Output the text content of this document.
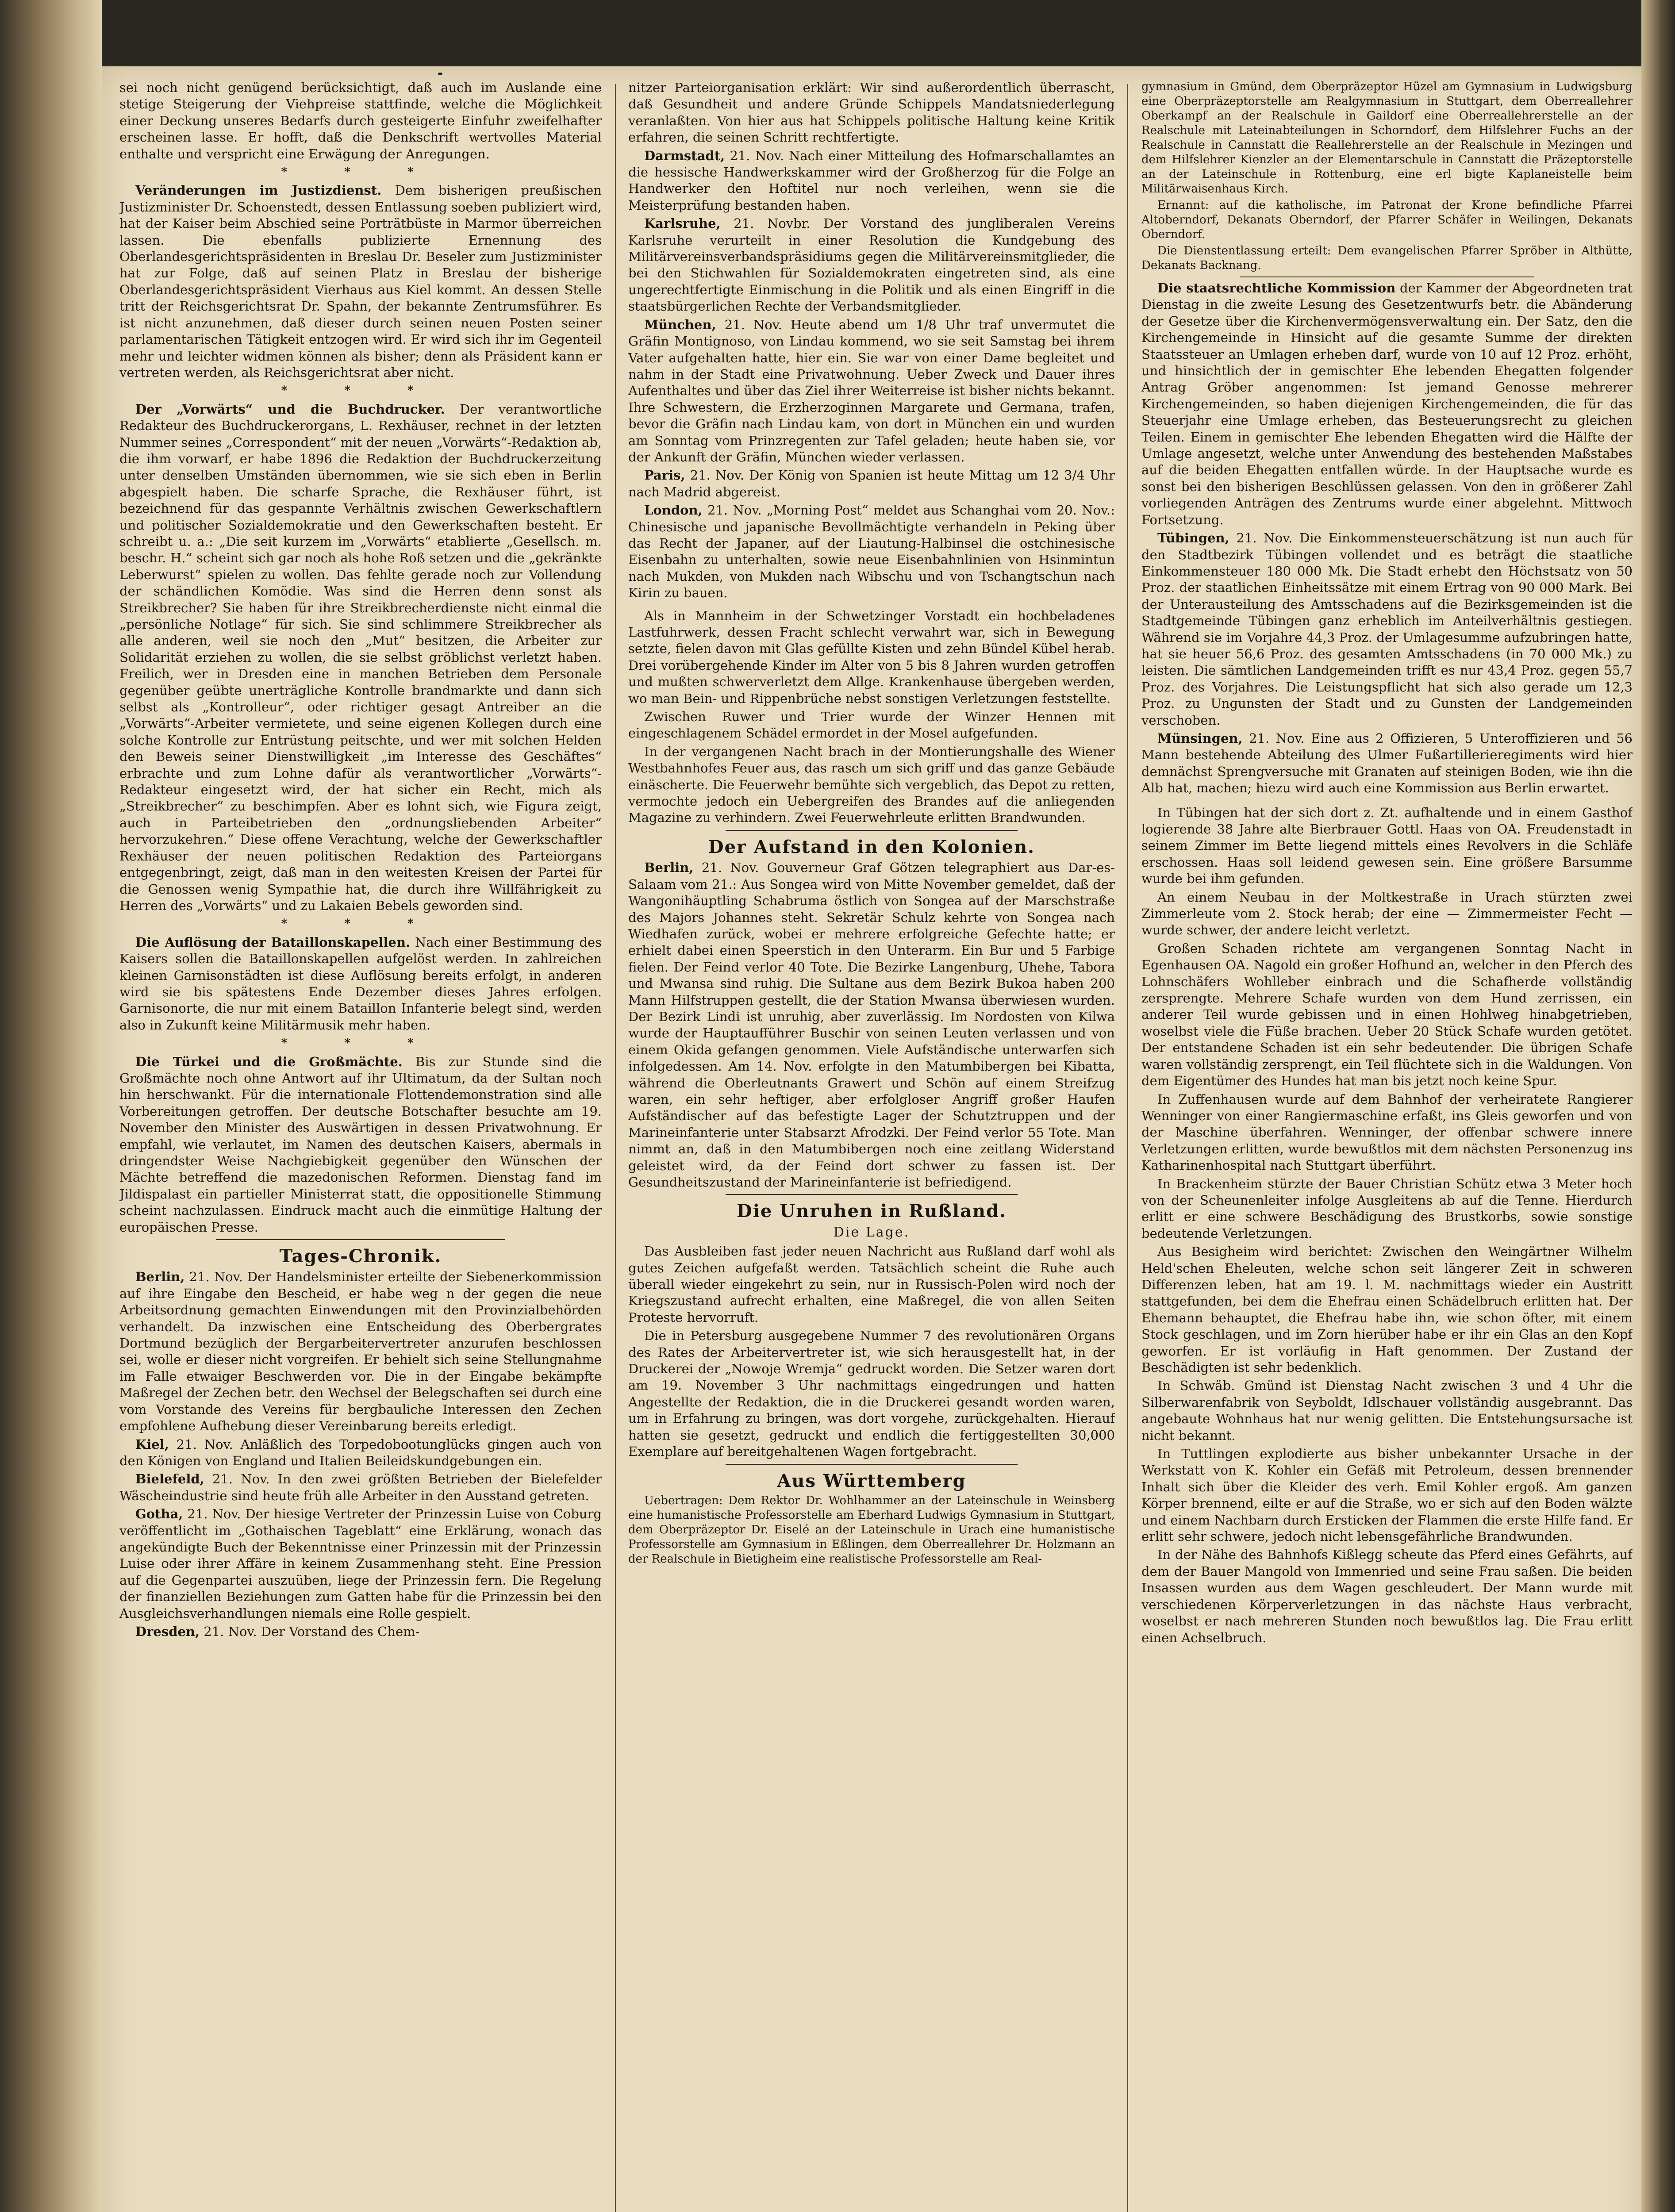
sei noch nicht genügend berücksichtigt, daß auch im Auslande eine stetige Steigerung der Viehpreise stattfinde, welche die Möglichkeit einer Deckung unseres Bedarfs durch gesteigerte Einfuhr zweifelhafter erscheinen lasse. Er hofft, daß die Denkschrift wertvolles Material enthalte und verspricht eine Erwägung der Anregungen.

* * *

Veränderungen im Justizdienst. Dem bisherigen preußischen Justizminister Dr. Schoenstedt, dessen Entlassung soeben publiziert wird, hat der Kaiser beim Abschied seine Porträtbüste in Marmor überreichen lassen. Die ebenfalls publizierte Ernennung des Oberlandesgerichtspräsidenten in Breslau Dr. Beseler zum Justizminister hat zur Folge, daß auf seinen Platz in Breslau der bisherige Oberlandesgerichtspräsident Vierhaus aus Kiel kommt. An dessen Stelle tritt der Reichsgerichtsrat Dr. Spahn, der bekannte Zentrumsführer. Es ist nicht anzunehmen, daß dieser durch seinen neuen Posten seiner parlamentarischen Tätigkeit entzogen wird. Er wird sich ihr im Gegenteil mehr und leichter widmen können als bisher; denn als Präsident kann er vertreten werden, als Reichsgerichtsrat aber nicht.

* * *

Der „Vorwärts“ und die Buchdrucker. Der verantwortliche Redakteur des Buchdruckerorgans, L. Rexhäuser, rechnet in der letzten Nummer seines „Correspondent“ mit der neuen „Vorwärts“-Redaktion ab, die ihm vorwarf, er habe 1896 die Redaktion der Buchdruckerzeitung unter denselben Umständen übernommen, wie sie sich eben in Berlin abgespielt haben. Die scharfe Sprache, die Rexhäuser führt, ist bezeichnend für das gespannte Verhältnis zwischen Gewerkschaftlern und politischer Sozialdemokratie und den Gewerkschaften besteht. Er schreibt u. a.: „Die seit kurzem im „Vorwärts“ etablierte „Gesellsch. m. beschr. H.“ scheint sich gar noch als hohe Roß setzen und die „gekränkte Leberwurst“ spielen zu wollen. Das fehlte gerade noch zur Vollendung der schändlichen Komödie. Was sind die Herren denn sonst als Streikbrecher? Sie haben für ihre Streikbrecherdienste nicht einmal die „persönliche Notlage“ für sich. Sie sind schlimmere Streikbrecher als alle anderen, weil sie noch den „Mut“ besitzen, die Arbeiter zur Solidarität erziehen zu wollen, die sie selbst gröblichst verletzt haben. Freilich, wer in Dresden eine in manchen Betrieben dem Personale gegenüber geübte unerträgliche Kontrolle brandmarkte und dann sich selbst als „Kontrolleur“, oder richtiger gesagt Antreiber an die „Vorwärts“-Arbeiter vermietete, und seine eigenen Kollegen durch eine solche Kontrolle zur Entrüstung peitschte, und wer mit solchen Helden den Beweis seiner Dienstwilligkeit „im Interesse des Geschäftes“ erbrachte und zum Lohne dafür als verantwortlicher „Vorwärts“-Redakteur eingesetzt wird, der hat sicher ein Recht, mich als „Streikbrecher“ zu beschimpfen. Aber es lohnt sich, wie Figura zeigt, auch in Parteibetrieben den „ordnungsliebenden Arbeiter“ hervorzukehren.“ Diese offene Verachtung, welche der Gewerkschaftler Rexhäuser der neuen politischen Redaktion des Parteiorgans entgegenbringt, zeigt, daß man in den weitesten Kreisen der Partei für die Genossen wenig Sympathie hat, die durch ihre Willfährigkeit zu Herren des „Vorwärts“ und zu Lakaien Bebels geworden sind.

* * *

Die Auflösung der Bataillonskapellen. Nach einer Bestimmung des Kaisers sollen die Bataillonskapellen aufgelöst werden. In zahlreichen kleinen Garnisonstädten ist diese Auflösung bereits erfolgt, in anderen wird sie bis spätestens Ende Dezember dieses Jahres erfolgen. Garnisonorte, die nur mit einem Bataillon Infanterie belegt sind, werden also in Zukunft keine Militärmusik mehr haben.

* * *

Die Türkei und die Großmächte. Bis zur Stunde sind die Großmächte noch ohne Antwort auf ihr Ultimatum, da der Sultan noch hin herschwankt. Für die internationale Flottendemonstration sind alle Vorbereitungen getroffen. Der deutsche Botschafter besuchte am 19. November den Minister des Auswärtigen in dessen Privatwohnung. Er empfahl, wie verlautet, im Namen des deutschen Kaisers, abermals in dringendster Weise Nachgiebigkeit gegenüber den Wünschen der Mächte betreffend die mazedonischen Reformen. Dienstag fand im Jildispalast ein partieller Ministerrat statt, die oppositionelle Stimmung scheint nachzulassen. Eindruck macht auch die einmütige Haltung der europäischen Presse.

Tages-Chronik.

Berlin, 21. Nov. Der Handelsminister erteilte der Siebenerkommission auf ihre Eingabe den Bescheid, er habe weg n der gegen die neue Arbeitsordnung gemachten Einwendungen mit den Provinzialbehörden verhandelt. Da inzwischen eine Entscheidung des Oberbergrates Dortmund bezüglich der Bergarbeitervertreter anzurufen beschlossen sei, wolle er dieser nicht vorgreifen. Er behielt sich seine Stellungnahme im Falle etwaiger Beschwerden vor. Die in der Eingabe bekämpfte Maßregel der Zechen betr. den Wechsel der Belegschaften sei durch eine vom Vorstande des Vereins für bergbauliche Interessen den Zechen empfohlene Aufhebung dieser Vereinbarung bereits erledigt.

Kiel, 21. Nov. Anläßlich des Torpedobootunglücks gingen auch von den Königen von England und Italien Beileidskundgebungen ein.

Bielefeld, 21. Nov. In den zwei größten Betrieben der Bielefelder Wäscheindustrie sind heute früh alle Arbeiter in den Ausstand getreten.

Gotha, 21. Nov. Der hiesige Vertreter der Prinzessin Luise von Coburg veröffentlicht im „Gothaischen Tageblatt“ eine Erklärung, wonach das angekündigte Buch der Bekenntnisse einer Prinzessin mit der Prinzessin Luise oder ihrer Affäre in keinem Zusammenhang steht. Eine Pression auf die Gegenpartei auszuüben, liege der Prinzessin fern. Die Regelung der finanziellen Beziehungen zum Gatten habe für die Prinzessin bei den Ausgleichsverhandlungen niemals eine Rolle gespielt.

Dresden, 21. Nov. Der Vorstand des Chem-

nitzer Parteiorganisation erklärt: Wir sind außerordentlich überrascht, daß Gesundheit und andere Gründe Schippels Mandatsniederlegung veranlaßten. Von hier aus hat Schippels politische Haltung keine Kritik erfahren, die seinen Schritt rechtfertigte.

Darmstadt, 21. Nov. Nach einer Mitteilung des Hofmarschallamtes an die hessische Handwerkskammer wird der Großherzog für die Folge an Handwerker den Hoftitel nur noch verleihen, wenn sie die Meisterprüfung bestanden haben.

Karlsruhe, 21. Novbr. Der Vorstand des jungliberalen Vereins Karlsruhe verurteilt in einer Resolution die Kundgebung des Militärvereinsverbandspräsidiums gegen die Militärvereinsmitglieder, die bei den Stichwahlen für Sozialdemokraten eingetreten sind, als eine ungerechtfertigte Einmischung in die Politik und als einen Eingriff in die staatsbürgerlichen Rechte der Verbandsmitglieder.

München, 21. Nov. Heute abend um 1/8 Uhr traf unvermutet die Gräfin Montignoso, von Lindau kommend, wo sie seit Samstag bei ihrem Vater aufgehalten hatte, hier ein. Sie war von einer Dame begleitet und nahm in der Stadt eine Privatwohnung. Ueber Zweck und Dauer ihres Aufenthaltes und über das Ziel ihrer Weiterreise ist bisher nichts bekannt. Ihre Schwestern, die Erzherzoginnen Margarete und Germana, trafen, bevor die Gräfin nach Lindau kam, von dort in München ein und wurden am Sonntag vom Prinzregenten zur Tafel geladen; heute haben sie, vor der Ankunft der Gräfin, München wieder verlassen.

Paris, 21. Nov. Der König von Spanien ist heute Mittag um 12 3/4 Uhr nach Madrid abgereist.

London, 21. Nov. „Morning Post“ meldet aus Schanghai vom 20. Nov.: Chinesische und japanische Bevollmächtigte verhandeln in Peking über das Recht der Japaner, auf der Liautung-Halbinsel die ostchinesische Eisenbahn zu unterhalten, sowie neue Eisenbahnlinien von Hsinmintun nach Mukden, von Mukden nach Wibschu und von Tschangtschun nach Kirin zu bauen.

Als in Mannheim in der Schwetzinger Vorstadt ein hochbeladenes Lastfuhrwerk, dessen Fracht schlecht verwahrt war, sich in Bewegung setzte, fielen davon mit Glas gefüllte Kisten und zehn Bündel Kübel herab. Drei vorübergehende Kinder im Alter von 5 bis 8 Jahren wurden getroffen und mußten schwerverletzt dem Allge. Krankenhause übergeben werden, wo man Bein- und Rippenbrüche nebst sonstigen Verletzungen feststellte.

Zwischen Ruwer und Trier wurde der Winzer Hennen mit eingeschlagenem Schädel ermordet in der Mosel aufgefunden.

In der vergangenen Nacht brach in der Montierungshalle des Wiener Westbahnhofes Feuer aus, das rasch um sich griff und das ganze Gebäude einäscherte. Die Feuerwehr bemühte sich vergeblich, das Depot zu retten, vermochte jedoch ein Uebergreifen des Brandes auf die anliegenden Magazine zu verhindern. Zwei Feuerwehrleute erlitten Brandwunden.

Der Aufstand in den Kolonien.

Berlin, 21. Nov. Gouverneur Graf Götzen telegraphiert aus Dar-es-Salaam vom 21.: Aus Songea wird von Mitte November gemeldet, daß der Wangonihäuptling Schabruma östlich von Songea auf der Marschstraße des Majors Johannes steht. Sekretär Schulz kehrte von Songea nach Wiedhafen zurück, wobei er mehrere erfolgreiche Gefechte hatte; er erhielt dabei einen Speerstich in den Unterarm. Ein Bur und 5 Farbige fielen. Der Feind verlor 40 Tote. Die Bezirke Langenburg, Uhehe, Tabora und Mwansa sind ruhig. Die Sultane aus dem Bezirk Bukoa haben 200 Mann Hilfstruppen gestellt, die der Station Mwansa überwiesen wurden. Der Bezirk Lindi ist unruhig, aber zuverlässig. Im Nordosten von Kilwa wurde der Hauptaufführer Buschir von seinen Leuten verlassen und von einem Okida gefangen genommen. Viele Aufständische unterwarfen sich infolgedessen. Am 14. Nov. erfolgte in den Matumbibergen bei Kibatta, während die Oberleutnants Grawert und Schön auf einem Streifzug waren, ein sehr heftiger, aber erfolgloser Angriff großer Haufen Aufständischer auf das befestigte Lager der Schutztruppen und der Marineinfanterie unter Stabsarzt Afrodzki. Der Feind verlor 55 Tote. Man nimmt an, daß in den Matumbibergen noch eine zeitlang Widerstand geleistet wird, da der Feind dort schwer zu fassen ist. Der Gesundheitszustand der Marineinfanterie ist befriedigend.

Die Unruhen in Rußland.
Die Lage.

Das Ausbleiben fast jeder neuen Nachricht aus Rußland darf wohl als gutes Zeichen aufgefaßt werden. Tatsächlich scheint die Ruhe auch überall wieder eingekehrt zu sein, nur in Russisch-Polen wird noch der Kriegszustand aufrecht erhalten, eine Maßregel, die von allen Seiten Proteste hervorruft.

Die in Petersburg ausgegebene Nummer 7 des revolutionären Organs des Rates der Arbeitervertreter ist, wie sich herausgestellt hat, in der Druckerei der „Nowoje Wremja“ gedruckt worden. Die Setzer waren dort am 19. November 3 Uhr nachmittags eingedrungen und hatten Angestellte der Redaktion, die in die Druckerei gesandt worden waren, um in Erfahrung zu bringen, was dort vorgehe, zurückgehalten. Hierauf hatten sie gesetzt, gedruckt und endlich die fertiggestellten 30,000 Exemplare auf bereitgehaltenen Wagen fortgebracht.

Aus Württemberg

Uebertragen: Dem Rektor Dr. Wohlhammer an der Lateinschule in Weinsberg eine humanistische Professorstelle am Eberhard Ludwigs Gymnasium in Stuttgart, dem Oberpräzeptor Dr. Eiselé an der Lateinschule in Urach eine humanistische Professorstelle am Gymnasium in Eßlingen, dem Oberreallehrer Dr. Holzmann an der Realschule in Bietigheim eine realistische Professorstelle am Real-

gymnasium in Gmünd, dem Oberpräzeptor Hüzel am Gymnasium in Ludwigsburg eine Oberpräzeptorstelle am Realgymnasium in Stuttgart, dem Oberreallehrer Oberkampf an der Realschule in Gaildorf eine Oberreallehrerstelle an der Realschule mit Lateinabteilungen in Schorndorf, dem Hilfslehrer Fuchs an der Realschule in Cannstatt die Reallehrerstelle an der Realschule in Mezingen und dem Hilfslehrer Kienzler an der Elementarschule in Cannstatt die Präzeptorstelle an der Lateinschule in Rottenburg, eine erl bigte Kaplaneistelle beim Militärwaisenhaus Kirch.

Ernannt: auf die katholische, im Patronat der Krone befindliche Pfarrei Altoberndorf, Dekanats Oberndorf, der Pfarrer Schäfer in Weilingen, Dekanats Oberndorf.

Die Dienstentlassung erteilt: Dem evangelischen Pfarrer Spröber in Althütte, Dekanats Backnang.

Die staatsrechtliche Kommission der Kammer der Abgeordneten trat Dienstag in die zweite Lesung des Gesetzentwurfs betr. die Abänderung der Gesetze über die Kirchenvermögensverwaltung ein. Der Satz, den die Kirchengemeinde in Hinsicht auf die gesamte Summe der direkten Staatssteuer an Umlagen erheben darf, wurde von 10 auf 12 Proz. erhöht, und hinsichtlich der in gemischter Ehe lebenden Ehegatten folgender Antrag Gröber angenommen: Ist jemand Genosse mehrerer Kirchengemeinden, so haben diejenigen Kirchengemeinden, die für das Steuerjahr eine Umlage erheben, das Besteuerungsrecht zu gleichen Teilen. Einem in gemischter Ehe lebenden Ehegatten wird die Hälfte der Umlage angesetzt, welche unter Anwendung des bestehenden Maßstabes auf die beiden Ehegatten entfallen würde. In der Hauptsache wurde es sonst bei den bisherigen Beschlüssen gelassen. Von den in größerer Zahl vorliegenden Anträgen des Zentrums wurde einer abgelehnt. Mittwoch Fortsetzung.

Tübingen, 21. Nov. Die Einkommensteuerschätzung ist nun auch für den Stadtbezirk Tübingen vollendet und es beträgt die staatliche Einkommensteuer 180 000 Mk. Die Stadt erhebt den Höchstsatz von 50 Proz. der staatlichen Einheitssätze mit einem Ertrag von 90 000 Mark. Bei der Unterausteilung des Amtsschadens auf die Bezirksgemeinden ist die Stadtgemeinde Tübingen ganz erheblich im Anteilverhältnis gestiegen. Während sie im Vorjahre 44,3 Proz. der Umlagesumme aufzubringen hatte, hat sie heuer 56,6 Proz. des gesamten Amtsschadens (in 70 000 Mk.) zu leisten. Die sämtlichen Landgemeinden trifft es nur 43,4 Proz. gegen 55,7 Proz. des Vorjahres. Die Leistungspflicht hat sich also gerade um 12,3 Proz. zu Ungunsten der Stadt und zu Gunsten der Landgemeinden verschoben.

Münsingen, 21. Nov. Eine aus 2 Offizieren, 5 Unteroffizieren und 56 Mann bestehende Abteilung des Ulmer Fußartillerieregiments wird hier demnächst Sprengversuche mit Granaten auf steinigen Boden, wie ihn die Alb hat, machen; hiezu wird auch eine Kommission aus Berlin erwartet.

In Tübingen hat der sich dort z. Zt. aufhaltende und in einem Gasthof logierende 38 Jahre alte Bierbrauer Gottl. Haas von OA. Freudenstadt in seinem Zimmer im Bette liegend mittels eines Revolvers in die Schläfe erschossen. Haas soll leidend gewesen sein. Eine größere Barsumme wurde bei ihm gefunden.

An einem Neubau in der Moltkestraße in Urach stürzten zwei Zimmerleute vom 2. Stock herab; der eine — Zimmermeister Fecht — wurde schwer, der andere leicht verletzt.

Großen Schaden richtete am vergangenen Sonntag Nacht in Egenhausen OA. Nagold ein großer Hofhund an, welcher in den Pferch des Lohnschäfers Wohlleber einbrach und die Schafherde vollständig zersprengte. Mehrere Schafe wurden von dem Hund zerrissen, ein anderer Teil wurde gebissen und in einen Hohlweg hinabgetrieben, woselbst viele die Füße brachen. Ueber 20 Stück Schafe wurden getötet. Der entstandene Schaden ist ein sehr bedeutender. Die übrigen Schafe waren vollständig zersprengt, ein Teil flüchtete sich in die Waldungen. Von dem Eigentümer des Hundes hat man bis jetzt noch keine Spur.

In Zuffenhausen wurde auf dem Bahnhof der verheiratete Rangierer Wenninger von einer Rangiermaschine erfaßt, ins Gleis geworfen und von der Maschine überfahren. Wenninger, der offenbar schwere innere Verletzungen erlitten, wurde bewußtlos mit dem nächsten Personenzug ins Katharinenhospital nach Stuttgart überführt.

In Brackenheim stürzte der Bauer Christian Schütz etwa 3 Meter hoch von der Scheunenleiter infolge Ausgleitens ab auf die Tenne. Hierdurch erlitt er eine schwere Beschädigung des Brustkorbs, sowie sonstige bedeutende Verletzungen.

Aus Besigheim wird berichtet: Zwischen den Weingärtner Wilhelm Held'schen Eheleuten, welche schon seit längerer Zeit in schweren Differenzen leben, hat am 19. l. M. nachmittags wieder ein Austritt stattgefunden, bei dem die Ehefrau einen Schädelbruch erlitten hat. Der Ehemann behauptet, die Ehefrau habe ihn, wie schon öfter, mit einem Stock geschlagen, und im Zorn hierüber habe er ihr ein Glas an den Kopf geworfen. Er ist vorläufig in Haft genommen. Der Zustand der Beschädigten ist sehr bedenklich.

In Schwäb. Gmünd ist Dienstag Nacht zwischen 3 und 4 Uhr die Silberwarenfabrik von Seyboldt, Idlschauer vollständig ausgebrannt. Das angebaute Wohnhaus hat nur wenig gelitten. Die Entstehungsursache ist nicht bekannt.

In Tuttlingen explodierte aus bisher unbekannter Ursache in der Werkstatt von K. Kohler ein Gefäß mit Petroleum, dessen brennender Inhalt sich über die Kleider des verh. Emil Kohler ergoß. Am ganzen Körper brennend, eilte er auf die Straße, wo er sich auf den Boden wälzte und einem Nachbarn durch Ersticken der Flammen die erste Hilfe fand. Er erlitt sehr schwere, jedoch nicht lebensgefährliche Brandwunden.

In der Nähe des Bahnhofs Kißlegg scheute das Pferd eines Gefährts, auf dem der Bauer Mangold von Immenried und seine Frau saßen. Die beiden Insassen wurden aus dem Wagen geschleudert. Der Mann wurde mit verschiedenen Körperverletzungen in das nächste Haus verbracht, woselbst er nach mehreren Stunden noch bewußtlos lag. Die Frau erlitt einen Achselbruch.
